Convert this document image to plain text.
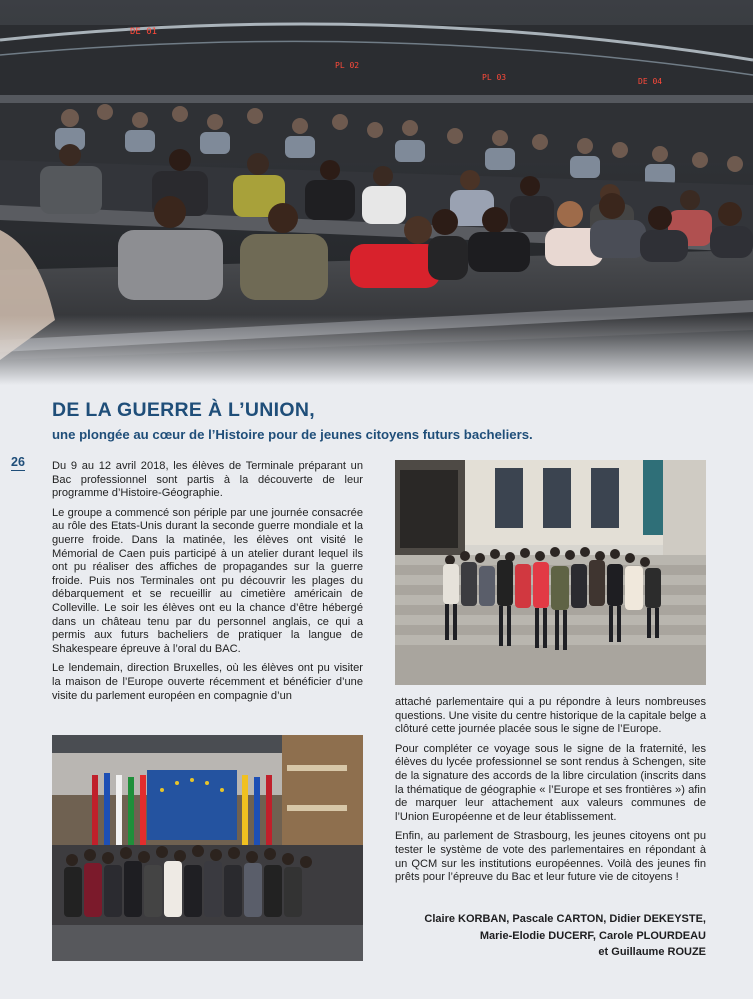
DE 01
PL 02
PL 03	DE 04
DE LA GUERRE À L’UNION,
une plongée au cœur de l’Histoire pour de jeunes citoyens futurs bacheliers.
26 Du 9 au 12 avril 2018, les élèves de Terminale préparant un Bac professionnel sont partis à la découverte de leur programme d’Histoire-Géographie.

Le groupe a commencé son périple par une journée consacrée au rôle des Etats-Unis durant la seconde guerre mondiale et la guerre froide. Dans la matinée, les élèves ont visité le Mémorial de Caen puis participé à un atelier durant lequel ils ont pu réaliser des affiches de propagandes sur la guerre froide. Puis nos Terminales ont pu découvrir les plages du débarquement et se recueillir au cimetière américain de Colleville. Le soir les élèves ont eu la chance d’être hébergé dans un château tenu par du personnel anglais, ce qui a permis aux futurs bacheliers de pratiquer la langue de Shakespeare épreuve à l’oral du BAC.

Le lendemain, direction Bruxelles, où les élèves ont pu visiter la maison de l’Europe ouverte récemment et bénéficier d’une visite du parlement européen en compagnie d’un

attaché parlementaire qui a pu répondre à leurs nombreuses questions. Une visite du centre historique de la capitale belge a clôturé cette journée placée sous le signe de l’Europe.

Pour compléter ce voyage sous le signe de la fraternité, les élèves du lycée professionnel se sont rendus à Schengen, site de la signature des accords de la libre circulation (inscrits dans la thématique de géographie « l’Europe et ses frontières ») afin de marquer leur attachement aux valeurs communes de l’Union Européenne et de leur établissement.

Enfin, au parlement de Strasbourg, les jeunes citoyens ont pu tester le système de vote des parlementaires en répondant à un QCM sur les institutions européennes. Voilà des jeunes fin prêts pour l’épreuve du Bac et leur future vie de citoyens !

Claire KORBAN, Pascale CARTON, Didier DEKEYSTE,
Marie-Elodie DUCERF, Carole PLOURDEAU
et Guillaume ROUZE
